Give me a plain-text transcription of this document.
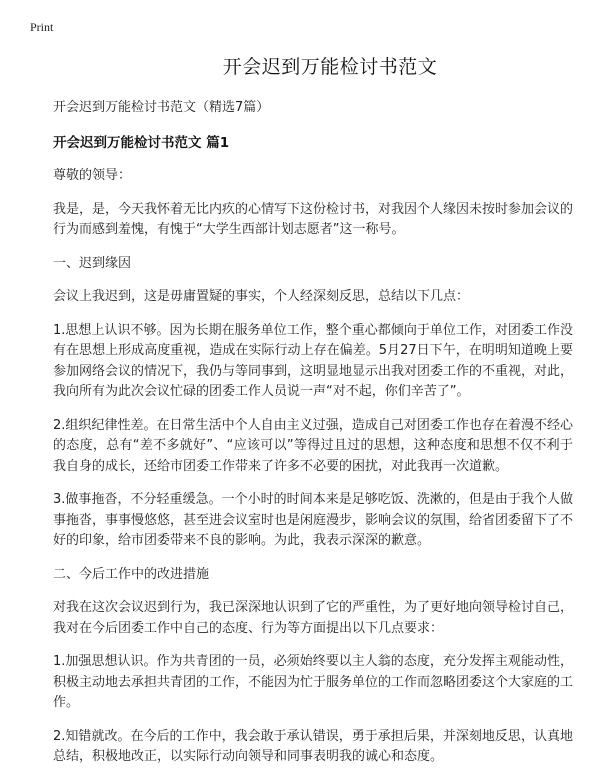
Print
开会迟到万能检讨书范文

开会迟到万能检讨书范文（精选7篇）

开会迟到万能检讨书范文 篇1

尊敬的领导：

我是，是，今天我怀着无比内疚的心情写下这份检讨书，对我因个人缘因未按时参加会议的行为而感到羞愧，有愧于“大学生西部计划志愿者”这一称号。

一、迟到缘因

会议上我迟到，这是毋庸置疑的事实，个人经深刻反思，总结以下几点：

1.思想上认识不够。因为长期在服务单位工作，整个重心都倾向于单位工作，对团委工作没有在思想上形成高度重视，造成在实际行动上存在偏差。5月27日下午，在明明知道晚上要参加网络会议的情况下，我仍与等同事到，这明显地显示出我对团委工作的不重视，对此，我向所有为此次会议忙碌的团委工作人员说一声“对不起，你们辛苦了”。

2.组织纪律性差。在日常生活中个人自由主义过强，造成自己对团委工作也存在着漫不经心的态度，总有“差不多就好”、“应该可以”等得过且过的思想，这种态度和思想不仅不利于我自身的成长，还给市团委工作带来了许多不必要的困扰，对此我再一次道歉。

3.做事拖沓，不分轻重缓急。一个小时的时间本来是足够吃饭、洗漱的，但是由于我个人做事拖沓，事事慢悠悠，甚至进会议室时也是闲庭漫步，影响会议的氛围，给省团委留下了不好的印象，给市团委带来不良的影响。为此，我表示深深的歉意。

二、今后工作中的改进措施

对我在这次会议迟到行为，我已深深地认识到了它的严重性，为了更好地向领导检讨自己，我对在今后团委工作中自己的态度、行为等方面提出以下几点要求：

1.加强思想认识。作为共青团的一员，必须始终要以主人翁的态度，充分发挥主观能动性，积极主动地去承担共青团的工作，不能因为忙于服务单位的工作而忽略团委这个大家庭的工作。

2.知错就改。在今后的工作中，我会敢于承认错误，勇于承担后果，并深刻地反思，认真地总结，积极地改正，以实际行动向领导和同事表明我的诚心和态度。
